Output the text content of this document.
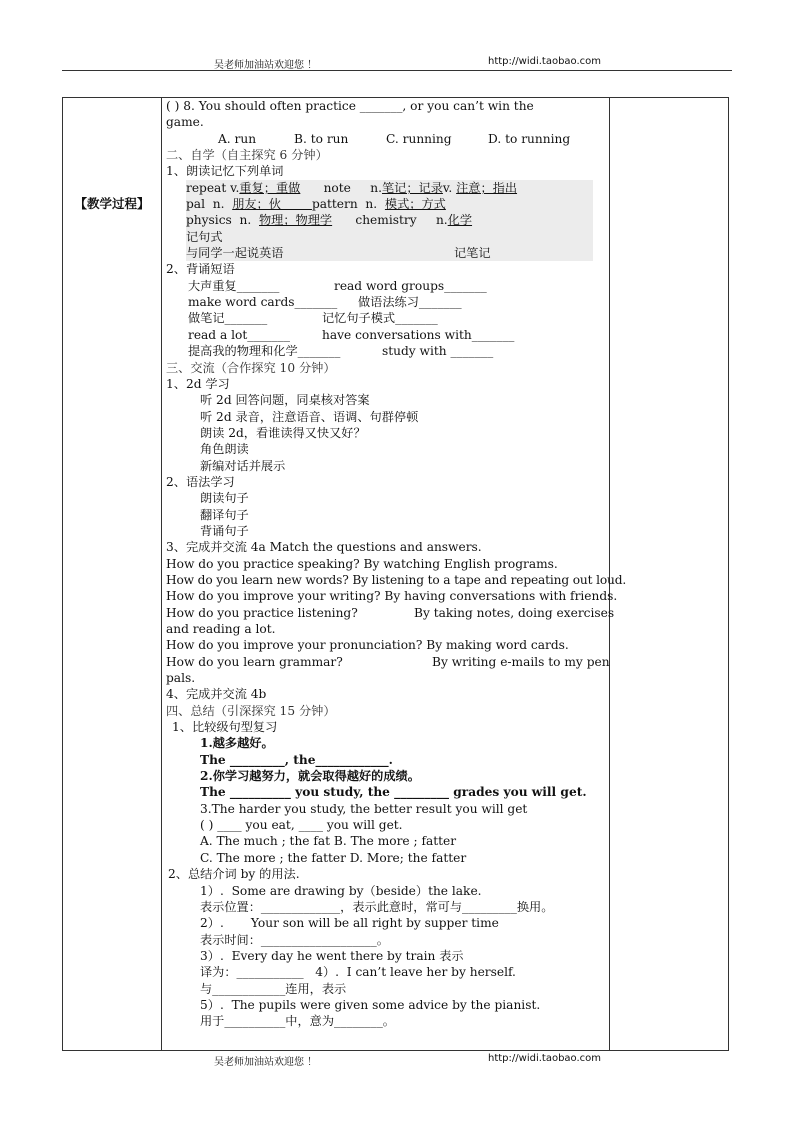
吴老师加油站欢迎您 ！	http://widi.taobao.com
【教学过程】

( ) 8. You should often practice _______, or you can’t win the
game.
A. run	B. to run	C. running	D. to running
二、自学（自主探究 6 分钟）
1、朗读记忆下列单词
repeat v.重复；重做      note     n.笔记；记录v. 注意；指出
pal  n.  朋友；伙        pattern  n.  模式；方式
physics  n.  物理；物理学      chemistry     n.化学
记句式
与同学一起说英语	记笔记
2、背诵短语
大声重复_______	read word groups_______
make word cards_______ 做语法练习_______
做笔记_______	记忆句子模式_______
read a lot_______	have conversations with_______
提高我的物理和化学_______	study with _______
三、交流（合作探究 10 分钟）
1、2d 学习
听 2d 回答问题，同桌核对答案
听 2d 录音，注意语音、语调、句群停顿
朗读 2d，看谁读得又快又好？
角色朗读
新编对话并展示
2、语法学习
朗读句子
翻译句子
背诵句子
3、完成并交流 4a Match the questions and answers.
How do you practice speaking? By watching English programs.
How do you learn new words? By listening to a tape and repeating out loud.
How do you improve your writing? By having conversations with friends.
How do you practice listening?	By taking notes, doing exercises
and reading a lot.
How do you improve your pronunciation? By making word cards.
How do you learn grammar?	By writing e-mails to my pen
pals.
4、完成并交流 4b
四、总结（引深探究 15 分钟）
1、比较级句型复习
1.越多越好。
The _________, the____________.
2.你学习越努力，就会取得越好的成绩。
The __________ you study, the _________ grades you will get.
3.The harder you study, the better result you will get
( ) ____ you eat, ____ you will get.
A. The much ; the fat B. The more ; fatter
C. The more ; the fatter D. More; the fatter
2、总结介词 by 的用法.
1）.  Some are drawing by（beside）the lake.
表示位置：_____________，表示此意时，常可与_________换用。
2）.       Your son will be all right by supper time
表示时间：___________________。
3）.  Every day he went there by train 表示
译为：___________   4）.  I can’t leave her by herself.
与____________连用，表示
5）.  The pupils were given some advice by the pianist.
用于__________中，意为________。

吴老师加油站欢迎您 ！	http://widi.taobao.com
